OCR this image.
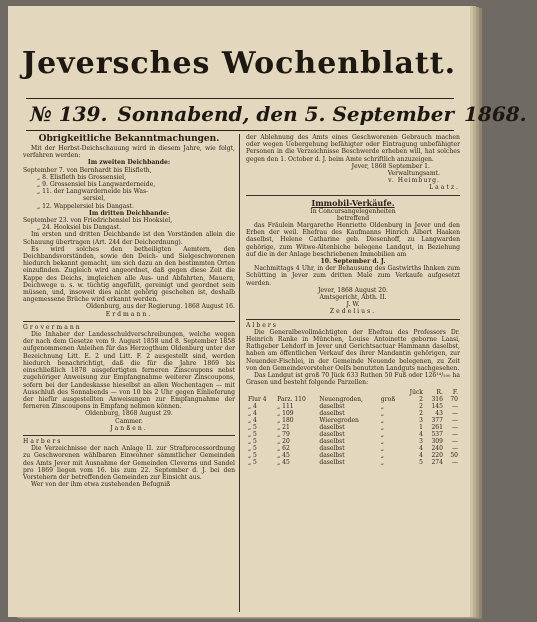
Jeversches Wochenblatt.
№ 139. Sonnabend, den 5. September 1868.
Obrigkeitliche Bekanntmachungen.

Mit der Herbst-Deichschauung wird in diesem Jahre, wie folgt, verfahren werden:

Im zweiten Deichbande:
September 7. von Bernhardt bis Elisfleth,
„ 8. Elisfleth bis Grossensiel,
„ 9. Grossensiel bis Langwarderneide,
„ 11. der Langwarderneide bis Was-
sersiel,
„ 12. Wappelersiel bis Dangast.
Im dritten Deichbande:
September 23. von Friedrichensiel bis Hooksiel,
„ 24. Hooksiel bis Dangast.

Im ersten und dritten Deichbande ist den Vorständen allein die Schauung übertragen (Art. 244 der Deichordnung).

Es wird solches den betheiligten Aemtern, den Deichbandsvorständen, sowie den Deich- und Sielgeschworenen hiedurch bekannt gemacht, um sich dazu an den bestimmten Orten einzufinden. Zugleich wird angeordnet, daß gegen diese Zeit die Kappe des Deichs, imgleichen alle Aus- und Abfahrten, Mauern, Deichwege u. s. w. tüchtig angefüllt, gereinigt und geordnet sein müssen, und, insoweit dies nicht gehörig geschehen ist, deshalb angemessene Brüche wird erkannt werden.

Oldenburg, aus der Regierung. 1868 August 16.

Erdmann.

Grovermann

Die Inhaber der Landesschuldverschreibungen, welche wegen der nach dem Gesetze vom 9. August 1858 und 8. September 1858 aufgenommenen Anleihen für das Herzogthum Oldenburg unter der Bezeichnung Litt. E. 2 und Litt. F. 2 ausgestellt sind, werden hiedurch benachrichtigt, daß die für die Jahre 1869 bis einschließlich 1878 ausgefertigten ferneren Zinscoupons nebst zugehöriger Anweisung zur Empfangnahme weiterer Zinscoupons, sofern bei der Landeskasse hieselbst an allen Wochentagen — mit Ausschluß des Sonnabends — von 10 bis 2 Uhr gegen Einlieferung der hiefür ausgestellten Anweisungen zur Empfangnahme der ferneren Zinscoupons in Empfang nehmen können.

Oldenburg, 1868 August 29.

Cammer.

Janßen.

Harbers

Die Verzeichnisse der nach Anlage II. zur Strafprocessordnung zu Geschworenen wählbaren Einwohner sämmtlicher Gemeinden des Amts Jever mit Ausnahme der Gemeinden Cleverns und Sandel pro 1869 liegen vom 16. bis zum 22. September d. J. bei den Vorstehern der betreffenden Gemeinden zur Einsicht aus.

Wer von der ihm etwa zustehenden Befugniß

der Ablehnung des Amts eines Geschworenen Gebrauch machen oder wegen Uebergehung befähigter oder Eintragung unbefähigter Personen in die Verzeichnisse Beschwerde erheben will, hat solches gegen den 1. October d. J. beim Amte schriftlich anzuzeigen.

Jever, 1868 September 1.

Verwaltungsamt.

v. Heimburg.

Laatz.

Immobil-Verkäufe.

In Concursangelegenheiten

betreffend

das Fräulein Margarethe Henriette Oldenburg in Jever und den Erben der weil. Ehefrau des Kaufmanns Hinrich Albert Haaken daselbst, Helene Catharine geb. Diesenhoff, zu Langwarden gehörige, zum Witwe-Altenbiche belegene Landgut, in Beziehung auf die in der Anlage beschriebenen Immobilien am

10. September d. J.

Nachmittags 4 Uhr, in der Behausung des Gastwirths Ihnken zum Schütting in Jever zum dritten Male zum Verkaufe aufgesetzt werden.

Jever, 1868 August 20.

Amtsgericht, Abth. II.

J. W.

Zedelius.

Albers

Die Generalbevollmächtigten der Ehefrau des Professors Dr. Heinrich Ranke in München, Louise Antoinette geborne Laasi, Rathgeber Lehdorf in Jever und Gerichtsactuar Hammann daselbst, haben am öffentlichen Verkauf des ihrer Mandantin gehörigen, zur Neuender-Fischlei, in der Gemeinde Neuende belegenen, zu Zeit von den Gemeindevorsteher Oelfs benutzten Landguts nachgesehen.

Das Landgut ist groß 70 Jück 633 Ruthen 50 Fuß oder 126¹⁴/₁₀₀ ha Grasen und besteht folgende Parzellen:

				Jück	R.	F.
Flur 4	Parz. 110	Neuengroden,	groß	2	316	70
„ 4	„ 111	daselbst	„	2	145	—
„ 4	„ 109	daselbst	„	2	43	—
„ 4	„ 180	Wieregroden	„	3	377	—
„ 5	„ 21	daselbst	„	1	261	—
„ 5	„ 79	daselbst	„	4	537	—
„ 5	„ 20	daselbst	„	3	309	—
„ 5	„ 62	daselbst	„	4	240	—
„ 5	„ 45	daselbst	„	4	220	50
„ 5	„ 45	daselbst	„	5	274	—
